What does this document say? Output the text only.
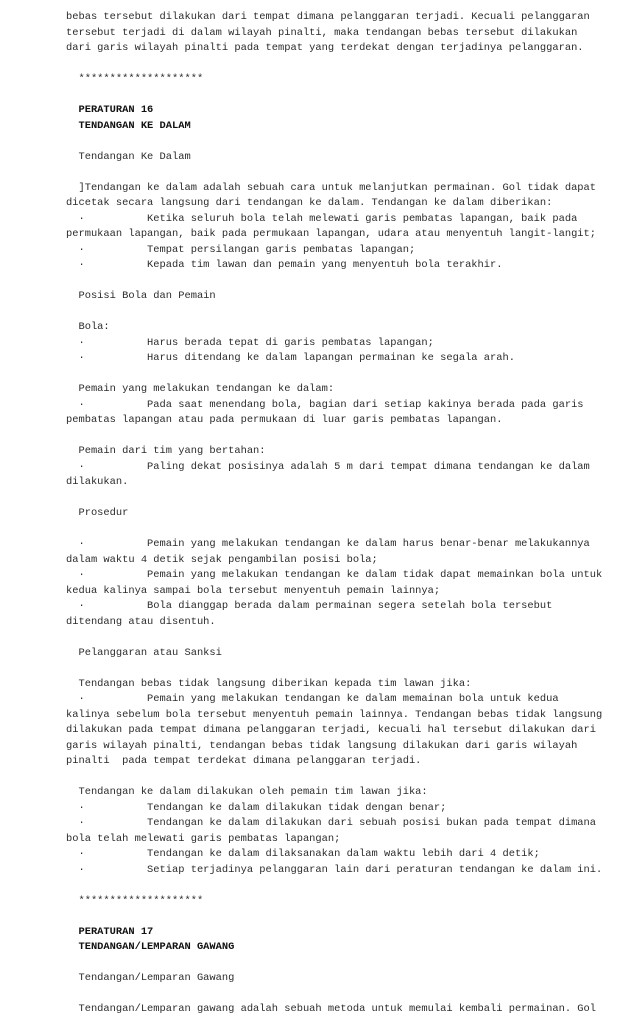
bebas tersebut dilakukan dari tempat dimana pelanggaran terjadi. Kecuali pelanggaran
tersebut terjadi di dalam wilayah pinalti, maka tendangan bebas tersebut dilakukan
dari garis wilayah pinalti pada tempat yang terdekat dengan terjadinya pelanggaran.
********************
PERATURAN 16
TENDANGAN KE DALAM
Tendangan Ke Dalam
]Tendangan ke dalam adalah sebuah cara untuk melanjutkan permainan. Gol tidak dapat
dicetak secara langsung dari tendangan ke dalam. Tendangan ke dalam diberikan:
·          Ketika seluruh bola telah melewati garis pembatas lapangan, baik pada
permukaan lapangan, baik pada permukaan lapangan, udara atau menyentuh langit-langit;
·          Tempat persilangan garis pembatas lapangan;
·          Kepada tim lawan dan pemain yang menyentuh bola terakhir.
Posisi Bola dan Pemain
Bola:
·          Harus berada tepat di garis pembatas lapangan;
·          Harus ditendang ke dalam lapangan permainan ke segala arah.
Pemain yang melakukan tendangan ke dalam:
·          Pada saat menendang bola, bagian dari setiap kakinya berada pada garis
pembatas lapangan atau pada permukaan di luar garis pembatas lapangan.
Pemain dari tim yang bertahan:
·          Paling dekat posisinya adalah 5 m dari tempat dimana tendangan ke dalam
dilakukan.
Prosedur
·          Pemain yang melakukan tendangan ke dalam harus benar-benar melakukannya
dalam waktu 4 detik sejak pengambilan posisi bola;
·          Pemain yang melakukan tendangan ke dalam tidak dapat memainkan bola untuk
kedua kalinya sampai bola tersebut menyentuh pemain lainnya;
·          Bola dianggap berada dalam permainan segera setelah bola tersebut
ditendang atau disentuh.
Pelanggaran atau Sanksi
Tendangan bebas tidak langsung diberikan kepada tim lawan jika:
·          Pemain yang melakukan tendangan ke dalam memainan bola untuk kedua
kalinya sebelum bola tersebut menyentuh pemain lainnya. Tendangan bebas tidak langsung
dilakukan pada tempat dimana pelanggaran terjadi, kecuali hal tersebut dilakukan dari
garis wilayah pinalti, tendangan bebas tidak langsung dilakukan dari garis wilayah
pinalti  pada tempat terdekat dimana pelanggaran terjadi.
Tendangan ke dalam dilakukan oleh pemain tim lawan jika:
·          Tendangan ke dalam dilakukan tidak dengan benar;
·          Tendangan ke dalam dilakukan dari sebuah posisi bukan pada tempat dimana
bola telah melewati garis pembatas lapangan;
·          Tendangan ke dalam dilaksanakan dalam waktu lebih dari 4 detik;
·          Setiap terjadinya pelanggaran lain dari peraturan tendangan ke dalam ini.
********************
PERATURAN 17
TENDANGAN/LEMPARAN GAWANG
Tendangan/Lemparan Gawang
Tendangan/Lemparan gawang adalah sebuah metoda untuk memulai kembali permainan. Gol
